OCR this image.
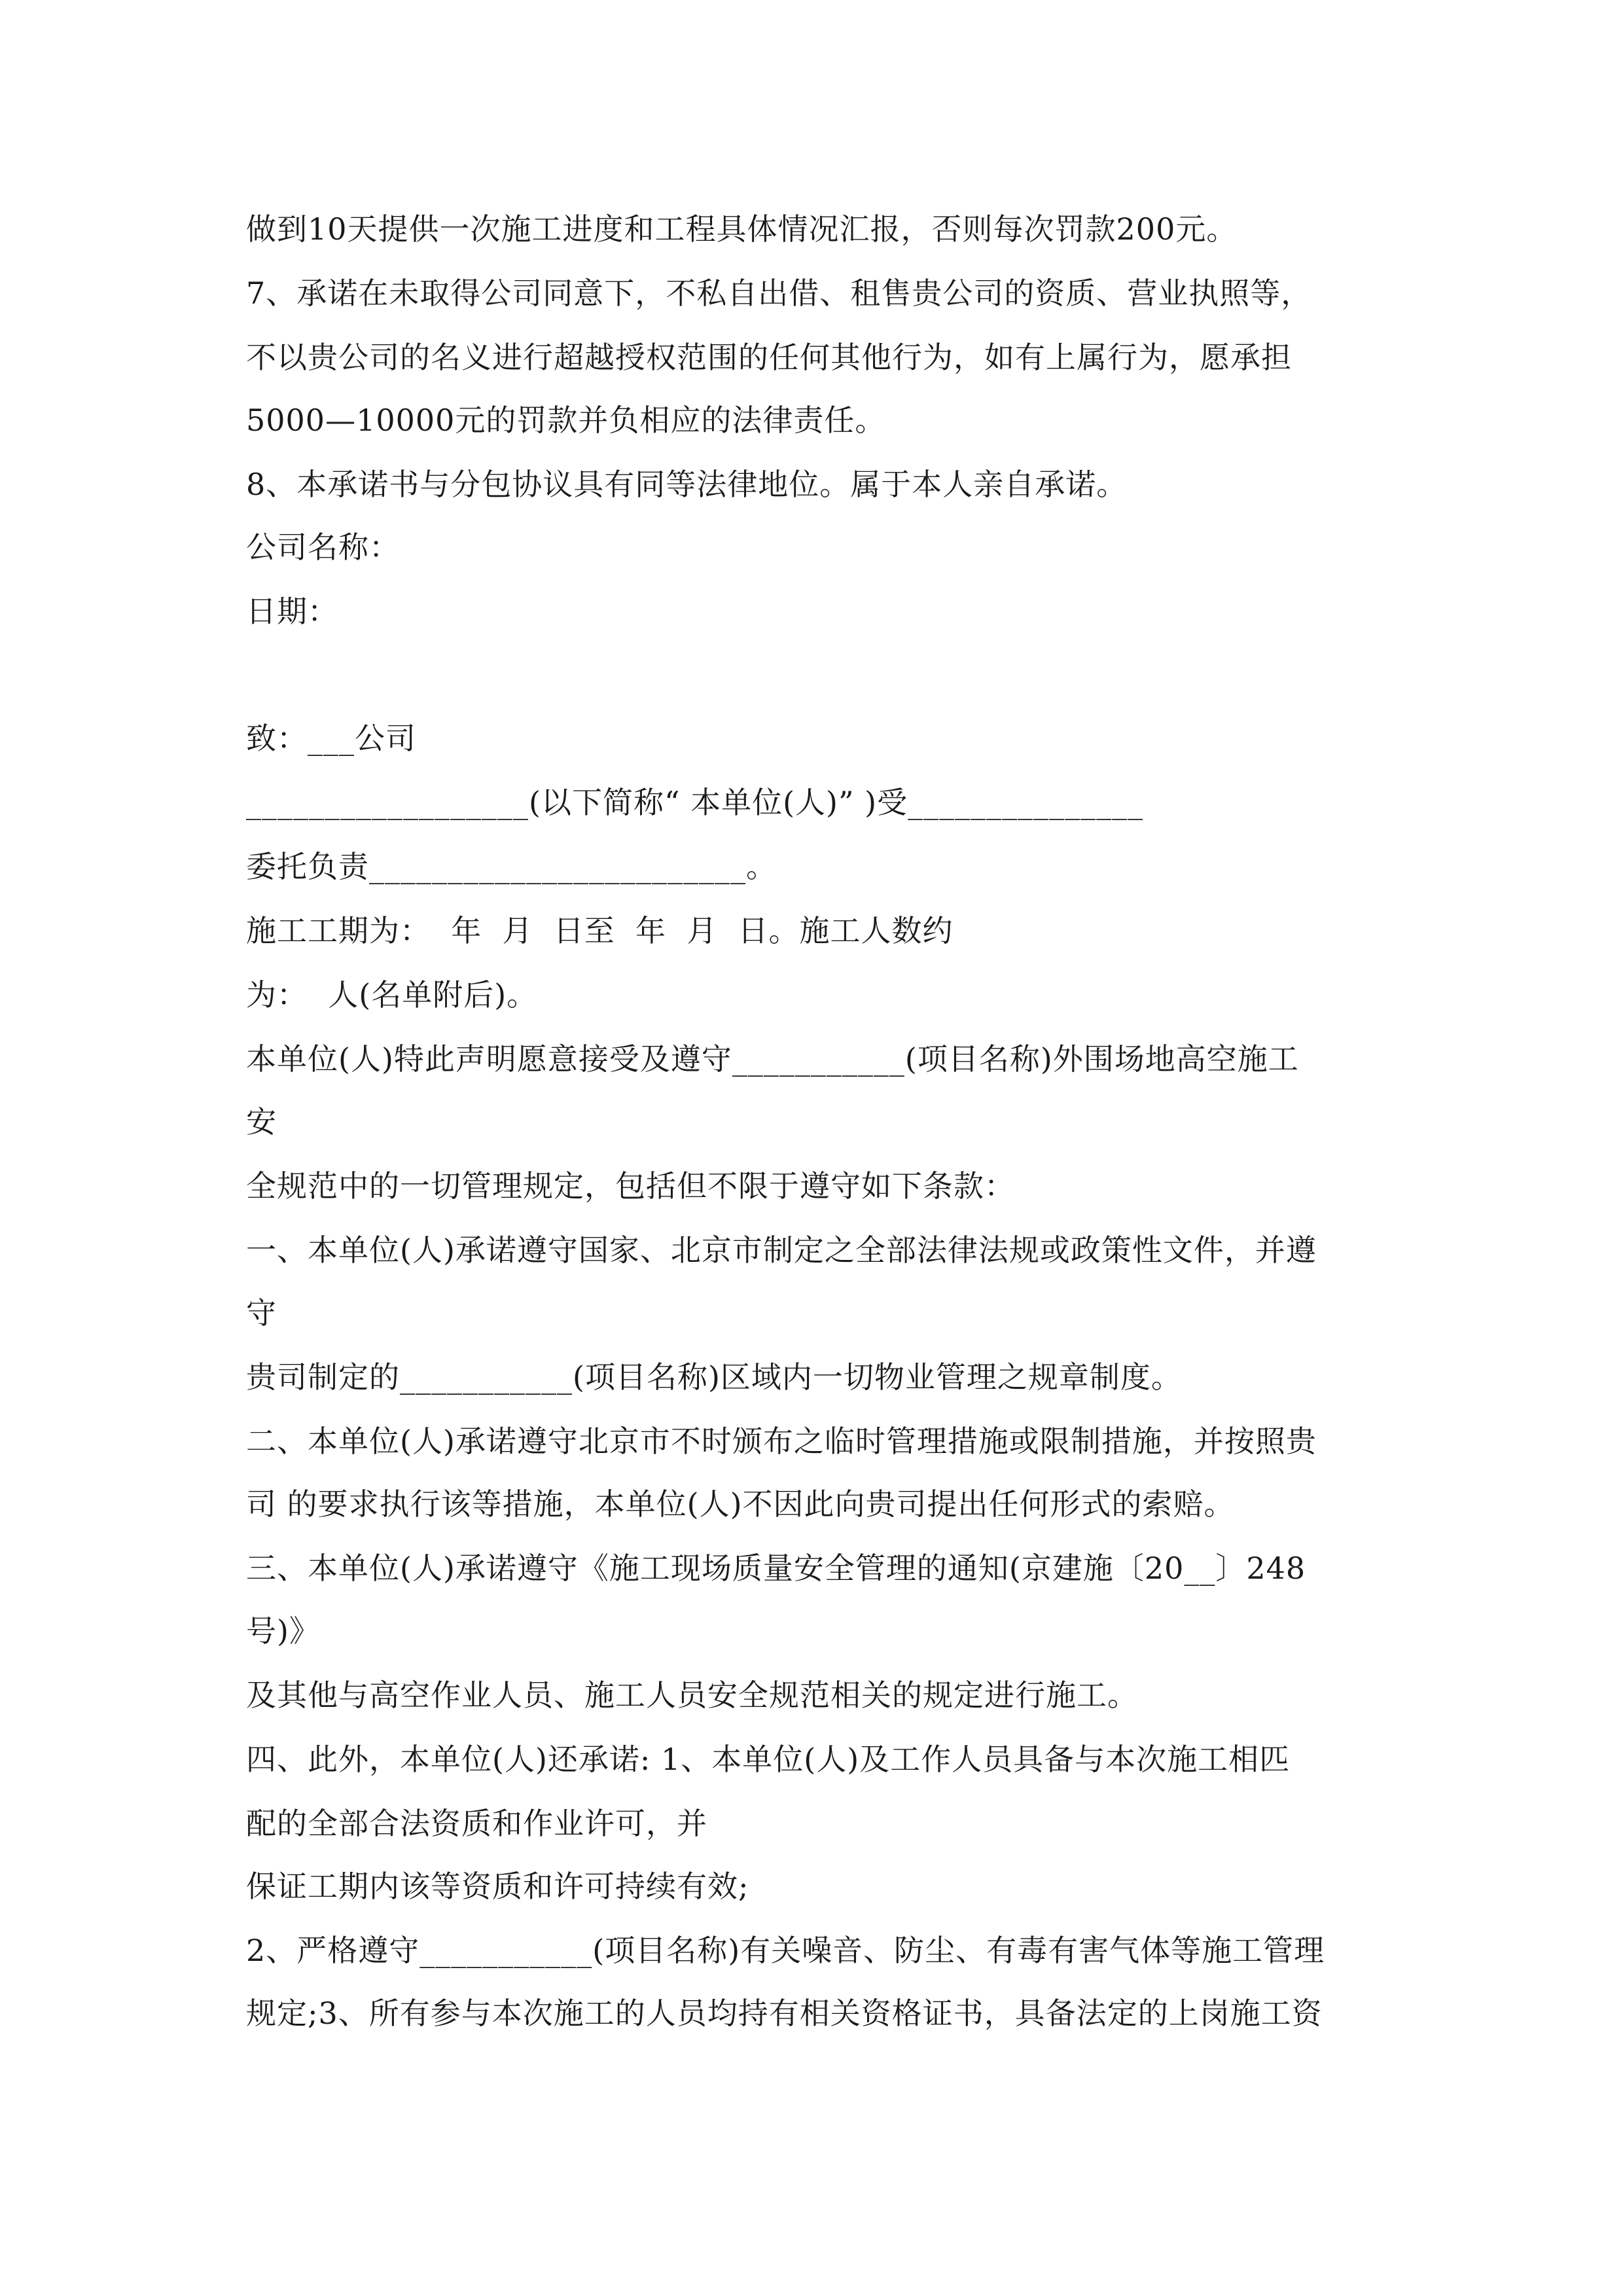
做到10天提供一次施工进度和工程具体情况汇报，否则每次罚款200元。
7、承诺在未取得公司同意下，不私自出借、租售贵公司的资质、营业执照等，
不以贵公司的名义进行超越授权范围的任何其他行为，如有上属行为，愿承担
5000—10000元的罚款并负相应的法律责任。
8、本承诺书与分包协议具有同等法律地位。属于本人亲自承诺。
公司名称：
日期：
致：___公司
__________________(以下简称“ 本单位(人)” )受_______________
委托负责________________________。
施工工期为：  年  月  日至  年  月  日。施工人数约
为：  人(名单附后)。
本单位(人)特此声明愿意接受及遵守___________(项目名称)外围场地高空施工
安
全规范中的一切管理规定，包括但不限于遵守如下条款：
一、本单位(人)承诺遵守国家、北京市制定之全部法律法规或政策性文件，并遵
守
贵司制定的___________(项目名称)区域内一切物业管理之规章制度。
二、本单位(人)承诺遵守北京市不时颁布之临时管理措施或限制措施，并按照贵
司 的要求执行该等措施，本单位(人)不因此向贵司提出任何形式的索赔。
三、本单位(人)承诺遵守《施工现场质量安全管理的通知(京建施〔20__〕248
号)》
及其他与高空作业人员、施工人员安全规范相关的规定进行施工。
四、此外，本单位(人)还承诺: 1、本单位(人)及工作人员具备与本次施工相匹
配的全部合法资质和作业许可，并
保证工期内该等资质和许可持续有效;
2、严格遵守___________(项目名称)有关噪音、防尘、有毒有害气体等施工管理
规定;3、所有参与本次施工的人员均持有相关资格证书，具备法定的上岗施工资
